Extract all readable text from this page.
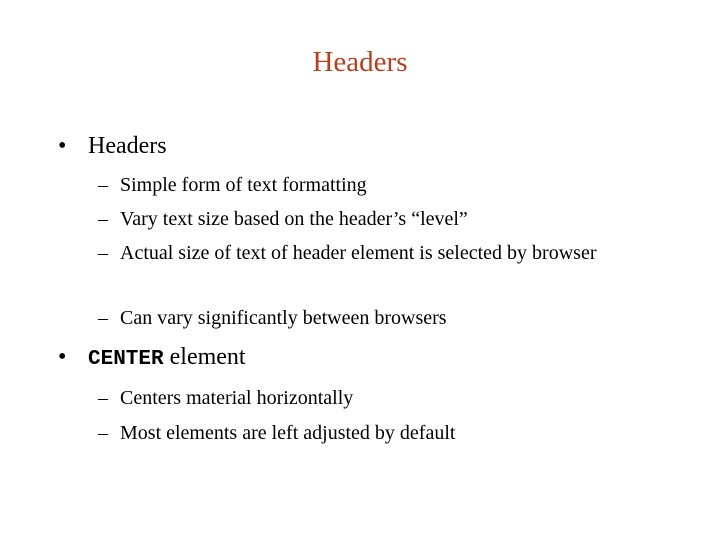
Headers
• Headers
– Simple form of text formatting
– Vary text size based on the header’s “level”
– Actual size of text of header element is selected by browser
– Can vary significantly between browsers
• CENTER element
– Centers material horizontally
– Most elements are left adjusted by default
